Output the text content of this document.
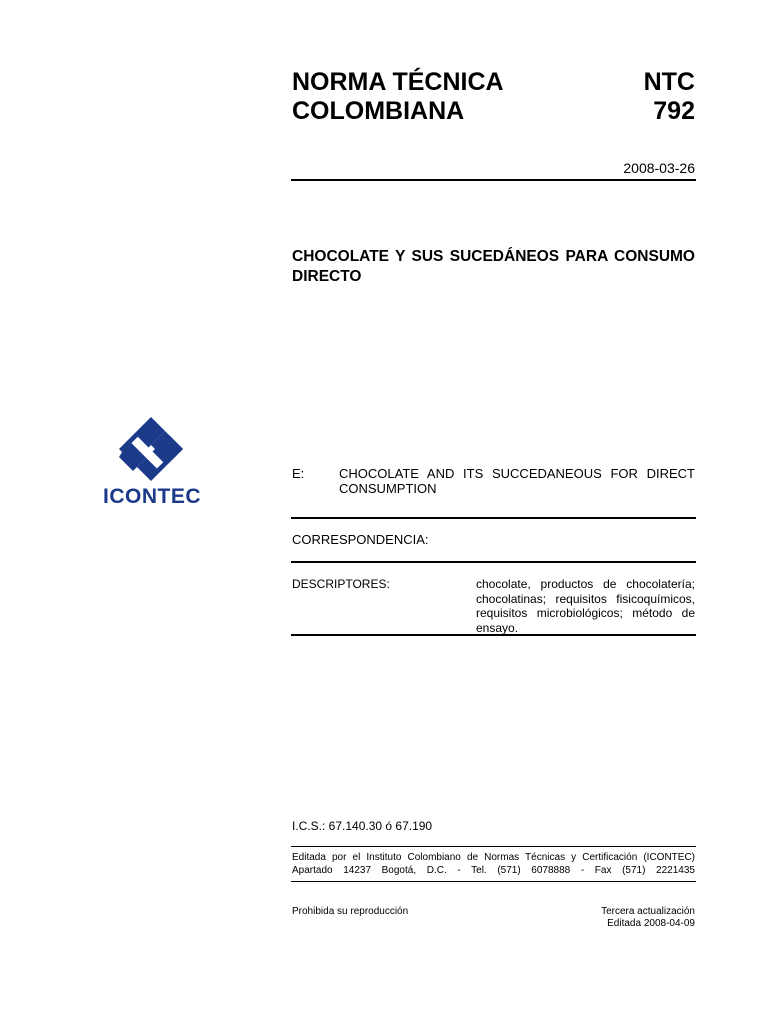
NORMA TÉCNICA
COLOMBIANA
NTC
792
2008-03-26
CHOCOLATE Y SUS SUCEDÁNEOS PARA CONSUMO DIRECTO
ICONTEC
E:	CHOCOLATE AND ITS SUCCEDANEOUS FOR DIRECT CONSUMPTION
CORRESPONDENCIA:
DESCRIPTORES:	chocolate, productos de chocolatería; chocolatinas; requisitos fisicoquímicos, requisitos microbiológicos; método de ensayo.
I.C.S.: 67.140.30 ó 67.190
Editada por el Instituto Colombiano de Normas Técnicas y Certificación (ICONTEC)
Apartado 14237 Bogotá, D.C. - Tel. (571) 6078888 - Fax (571) 2221435
Prohibida su reproducción	Tercera actualización
Editada 2008-04-09
